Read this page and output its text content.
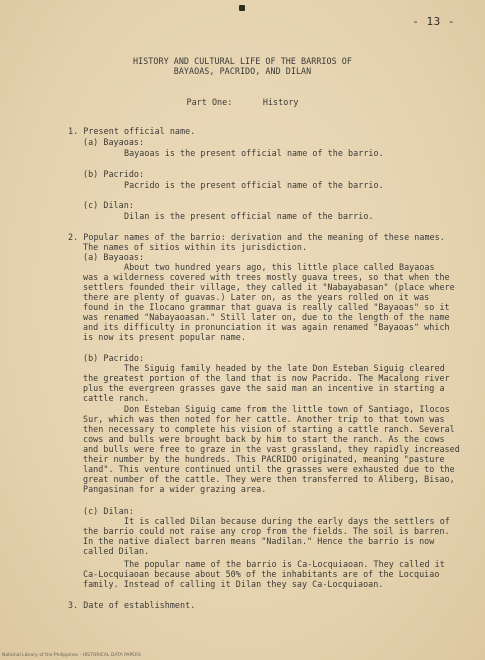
- 13 -
HISTORY AND CULTURAL LIFE OF THE BARRIOS OF
BAYAOAS, PACRIDO, AND DILAN
Part One:      History
1. Present official name.
(a) Bayaoas:
Bayaoas is the present official name of the barrio.
(b) Pacrido:
Pacrido is the present official name of the barrio.
(c) Dilan:
Dilan is the present official name of the barrio.
2. Popular names of the barrio: derivation and the meaning of these names.
The names of sitios within its jurisdiction.
(a) Bayaoas:
About two hundred years ago, this little place called Bayaoas
was a wilderness covered with trees mostly guava trees, so that when the
settlers founded their village, they called it "Nabayabasan" (place where
there are plenty of guavas.) Later on, as the years rolled on it was
found in the Ilocano grammar that guava is really called "Bayaoas" so it
was renamed "Nabayaoasan." Still later on, due to the length of the name
and its difficulty in pronunciation it was again renamed "Bayaoas" which
is now its present popular name.
(b) Pacrido:
The Siguig family headed by the late Don Esteban Siguig cleared
the greatest portion of the land that is now Pacrido. The Macalong river
plus the evergreen grasses gave the said man an incentive in starting a
cattle ranch.
Don Esteban Siguig came from the little town of Santiago, Ilocos
Sur, which was then noted for her cattle. Another trip to that town was
then necessary to complete his vision of starting a cattle ranch. Several
cows and bulls were brought back by him to start the ranch. As the cows
and bulls were free to graze in the vast grassland, they rapidly increased
their number by the hundreds. This PACRIDO originated, meaning "pasture
land". This venture continued until the grasses were exhausted due to the
great number of the cattle. They were then transferred to Aliberg, Bisao,
Pangasinan for a wider grazing area.
(c) Dilan:
It is called Dilan because during the early days the settlers of
the barrio could not raise any crop from the fields. The soil is barren.
In the native dialect barren means "Nadilan." Hence the barrio is now
called Dilan.
The popular name of the barrio is Ca-Locquiaoan. They called it
Ca-Locquiaoan because about 50% of the inhabitants are of the Locquiao
family. Instead of calling it Dilan they say Ca-Locquiaoan.
3. Date of establishment.
National Library of the Philippines · HISTORICAL DATA PAPERS
